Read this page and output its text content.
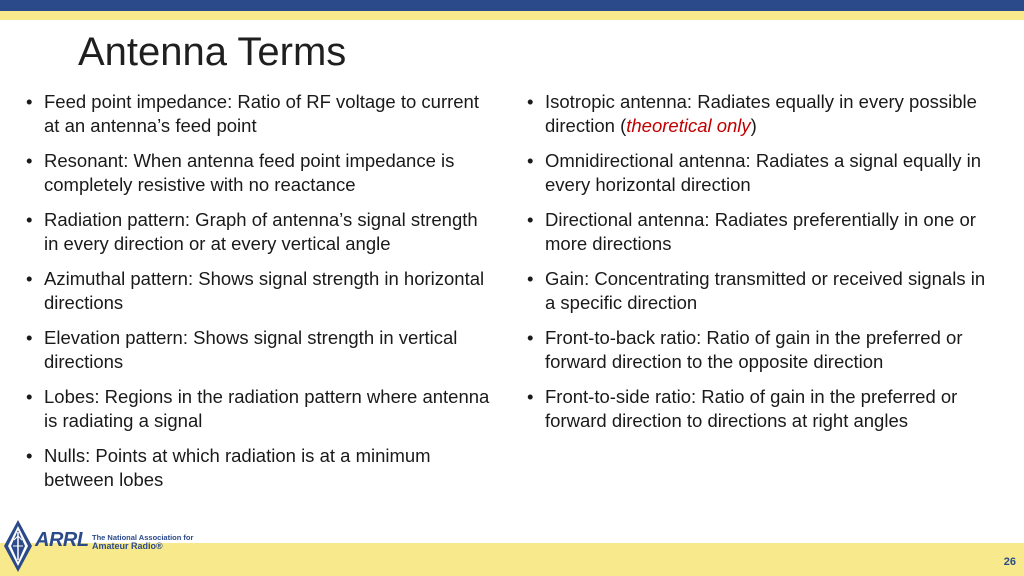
Antenna Terms
• Feed point impedance: Ratio of RF voltage to current at an antenna’s feed point
• Resonant: When antenna feed point impedance is completely resistive with no reactance
• Radiation pattern: Graph of antenna’s signal strength in every direction or at every vertical angle
• Azimuthal pattern: Shows signal strength in horizontal directions
• Elevation pattern: Shows signal strength in vertical directions
• Lobes: Regions in the radiation pattern where antenna is radiating a signal
• Nulls: Points at which radiation is at a minimum between lobes
• Isotropic antenna: Radiates equally in every possible direction (theoretical only)
• Omnidirectional antenna: Radiates a signal equally in every horizontal direction
• Directional antenna: Radiates preferentially in one or more directions
• Gain: Concentrating transmitted or received signals in a specific direction
• Front-to-back ratio: Ratio of gain in the preferred or forward direction to the opposite direction
• Front-to-side ratio: Ratio of gain in the preferred or forward direction to directions at right angles
ARRL The National Association for
Amateur Radio®
26
